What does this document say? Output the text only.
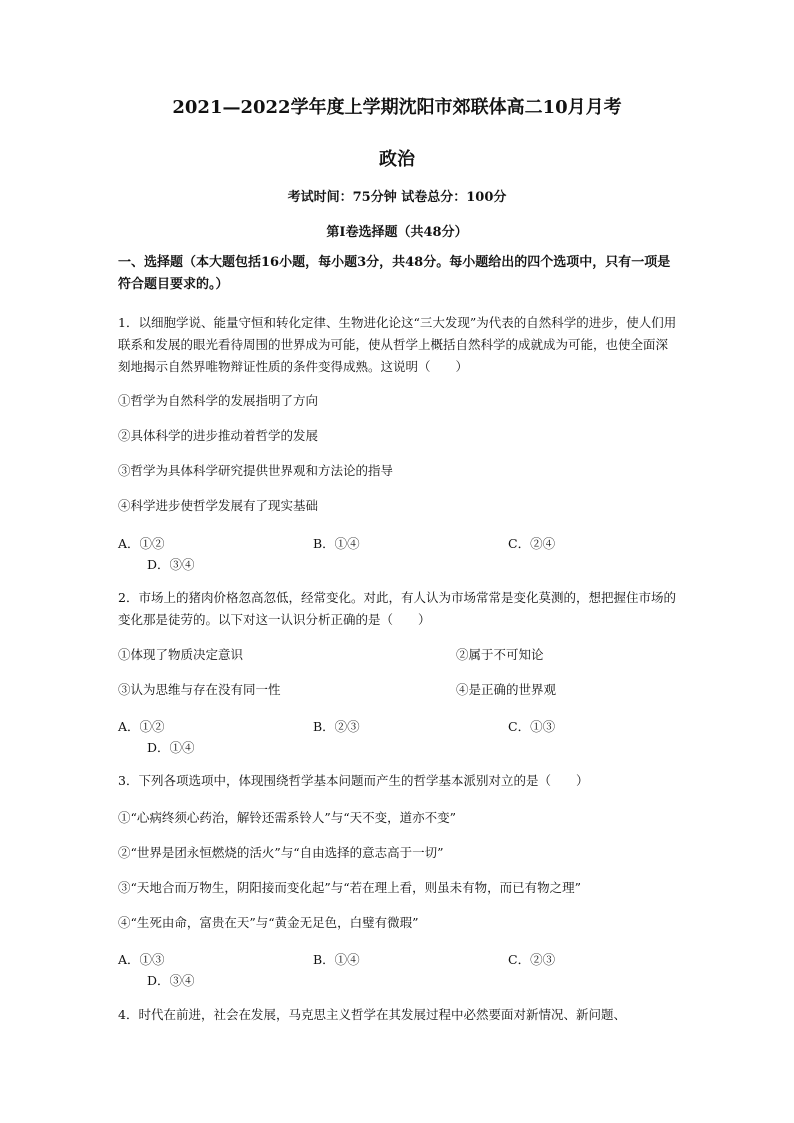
2021—2022学年度上学期沈阳市郊联体高二10月月考
政治
考试时间：75分钟 试卷总分：100分
第Ⅰ卷选择题（共48分）
一、选择题（本大题包括16小题，每小题3分，共48分。每小题给出的四个选项中，只有一项是符合题目要求的。）
1．以细胞学说、能量守恒和转化定律、生物进化论这“三大发现”为代表的自然科学的进步，使人们用联系和发展的眼光看待周围的世界成为可能，使从哲学上概括自然科学的成就成为可能，也使全面深刻地揭示自然界唯物辩证性质的条件变得成熟。这说明（　　）
①哲学为自然科学的发展指明了方向
②具体科学的进步推动着哲学的发展
③哲学为具体科学研究提供世界观和方法论的指导
④科学进步使哲学发展有了现实基础
A．①②	B．①④	C．②④
D．③④
2．市场上的猪肉价格忽高忽低，经常变化。对此，有人认为市场常常是变化莫测的，想把握住市场的变化那是徒劳的。以下对这一认识分析正确的是（　　）
①体现了物质决定意识	②属于不可知论
③认为思维与存在没有同一性	④是正确的世界观
A．①②	B．②③	C．①③
D．①④
3．下列各项选项中，体现围绕哲学基本问题而产生的哲学基本派别对立的是（　　）
①“心病终须心药治，解铃还需系铃人”与“天不变，道亦不变”
②“世界是团永恒燃烧的活火”与“自由选择的意志高于一切”
③“天地合而万物生，阴阳接而变化起”与“若在理上看，则虽未有物，而已有物之理”
④“生死由命，富贵在天”与“黄金无足色，白璧有微瑕”
A．①③	B．①④	C．②③
D．③④
4．时代在前进，社会在发展，马克思主义哲学在其发展过程中必然要面对新情况、新问题、
